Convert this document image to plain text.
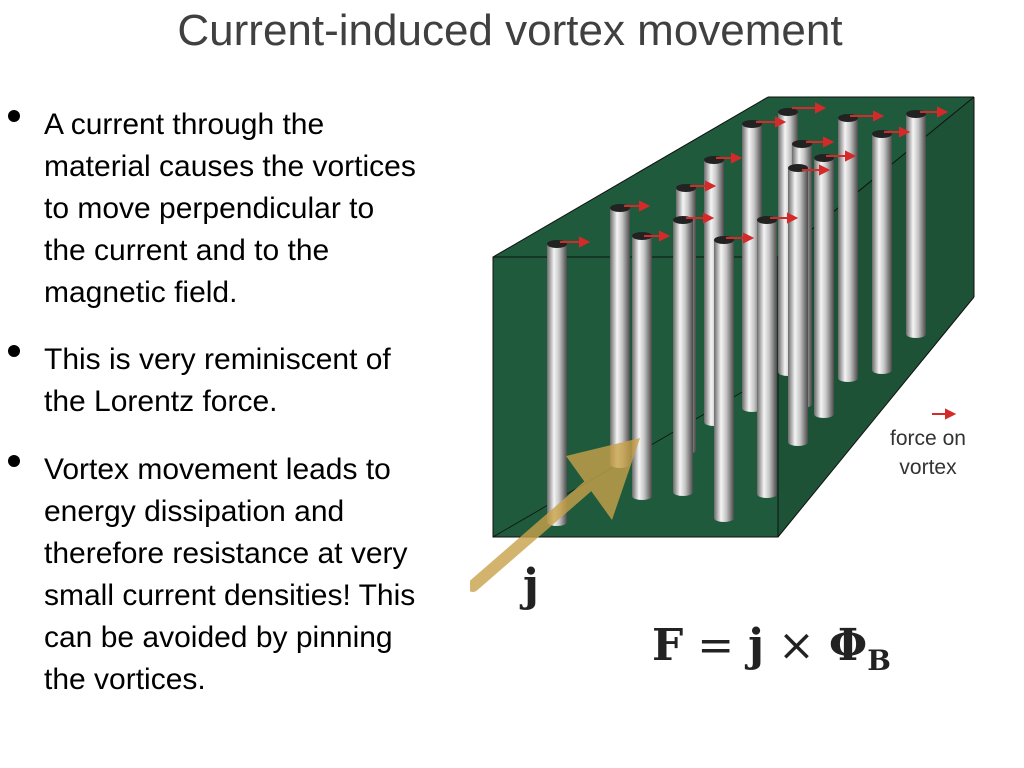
Current-induced vortex movement
A current through the
material causes the vortices
to move perpendicular to
the current and to the
magnetic field.
This is very reminiscent of
the Lorentz force.
Vortex movement leads to
energy dissipation and
therefore resistance at very
small current densities! This
can be avoided by pinning
the vortices.
force on
vortex
j
$F = j \times \Phi_B$
